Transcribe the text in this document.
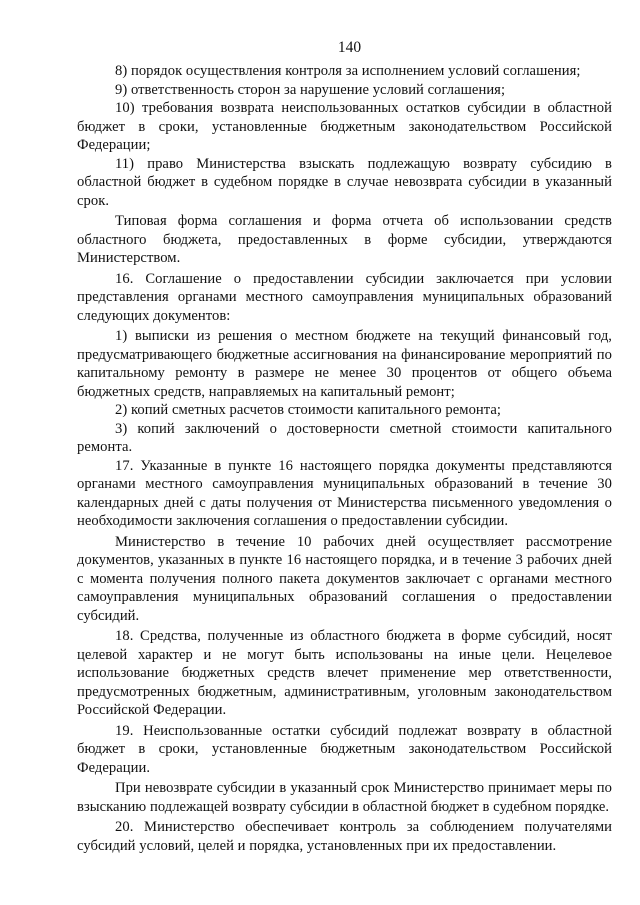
140

8) порядок осуществления контроля за исполнением условий соглашения;

9) ответственность сторон за нарушение условий соглашения;

10) требования возврата неиспользованных остатков субсидии в областной бюджет в сроки, установленные бюджетным законодательством Российской Федерации;

11) право Министерства взыскать подлежащую возврату субсидию в областной бюджет в судебном порядке в случае невозврата субсидии в указанный срок.

Типовая форма соглашения и форма отчета об использовании средств областного бюджета, предоставленных в форме субсидии, утверждаются Министерством.

16. Соглашение о предоставлении субсидии заключается при условии представления органами местного самоуправления муниципальных образований следующих документов:

1) выписки из решения о местном бюджете на текущий финансовый год, предусматривающего бюджетные ассигнования на финансирование мероприятий по капитальному ремонту в размере не менее 30 процентов от общего объема бюджетных средств, направляемых на капитальный ремонт;

2) копий сметных расчетов стоимости капитального ремонта;

3) копий заключений о достоверности сметной стоимости капитального ремонта.

17. Указанные в пункте 16 настоящего порядка документы представляются органами местного самоуправления муниципальных образований в течение 30 календарных дней с даты получения от Министерства письменного уведомления о необходимости заключения соглашения о предоставлении субсидии.

Министерство в течение 10 рабочих дней осуществляет рассмотрение документов, указанных в пункте 16 настоящего порядка, и в течение 3 рабочих дней с момента получения полного пакета документов заключает с органами местного самоуправления муниципальных образований соглашения о предоставлении субсидий.

18. Средства, полученные из областного бюджета в форме субсидий, носят целевой характер и не могут быть использованы на иные цели. Нецелевое использование бюджетных средств влечет применение мер ответственности, предусмотренных бюджетным, административным, уголовным законодательством Российской Федерации.

19. Неиспользованные остатки субсидий подлежат возврату в областной бюджет в сроки, установленные бюджетным законодательством Российской Федерации.

При невозврате субсидии в указанный срок Министерство принимает меры по взысканию подлежащей возврату субсидии в областной бюджет в судебном порядке.

20. Министерство обеспечивает контроль за соблюдением получателями субсидий условий, целей и порядка, установленных при их предоставлении.
